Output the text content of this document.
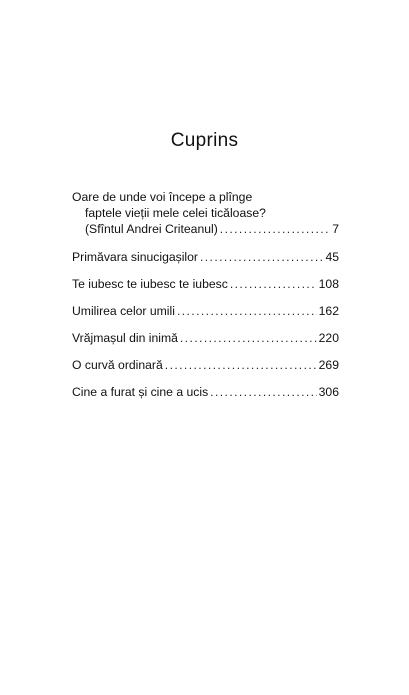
Cuprins
Oare de unde voi începe a plînge
faptele vieții mele celei ticăloase?
(Sfîntul Andrei Criteanul) .....	7
Primăvara sinucigașilor .....	45
Te iubesc te iubesc te iubesc .....	108
Umilirea celor umili .....	162
Vrăjmașul din inimă .....	220
O curvă ordinară .....	269
Cine a furat și cine a ucis .....	306
